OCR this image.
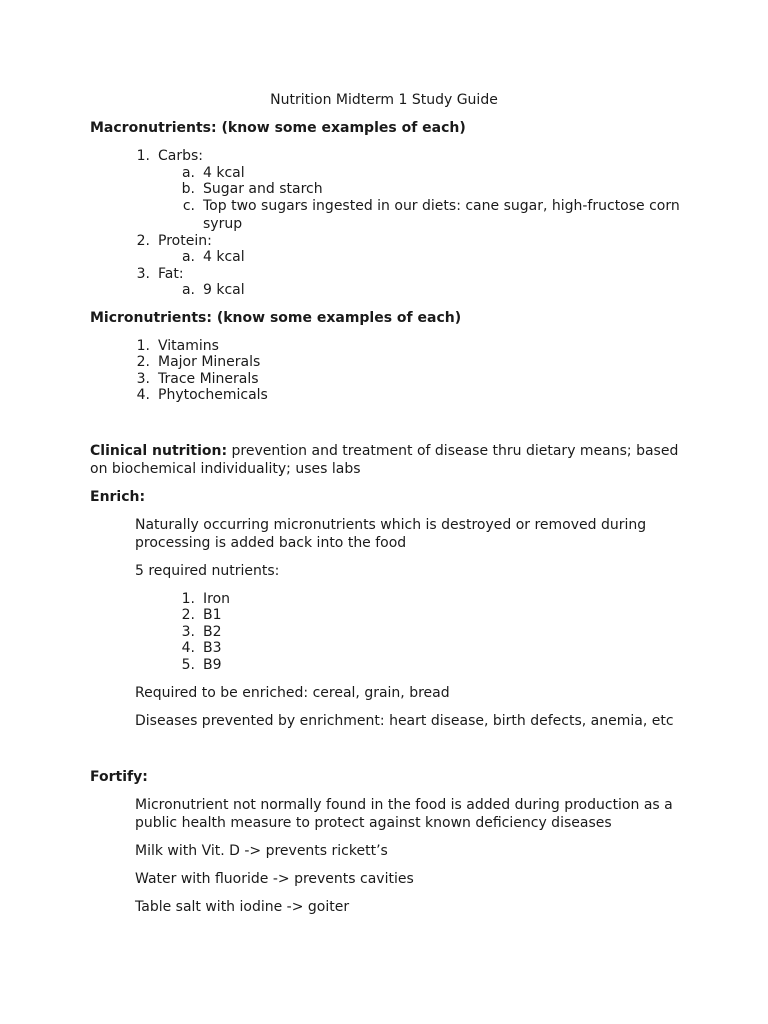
Nutrition Midterm 1 Study Guide
Macronutrients: (know some examples of each)
1. Carbs:
a. 4 kcal
b. Sugar and starch
c. Top two sugars ingested in our diets: cane sugar, high-fructose corn
syrup
2. Protein:
a. 4 kcal
3. Fat:
a. 9 kcal
Micronutrients: (know some examples of each)
1. Vitamins
2. Major Minerals
3. Trace Minerals
4. Phytochemicals
Clinical nutrition: prevention and treatment of disease thru dietary means; based
on biochemical individuality; uses labs
Enrich:
Naturally occurring micronutrients which is destroyed or removed during
processing is added back into the food
5 required nutrients:
1. Iron
2. B1
3. B2
4. B3
5. B9
Required to be enriched: cereal, grain, bread
Diseases prevented by enrichment: heart disease, birth defects, anemia, etc
Fortify:
Micronutrient not normally found in the food is added during production as a
public health measure to protect against known deficiency diseases
Milk with Vit. D -> prevents rickett’s
Water with fluoride -> prevents cavities
Table salt with iodine -> goiter
